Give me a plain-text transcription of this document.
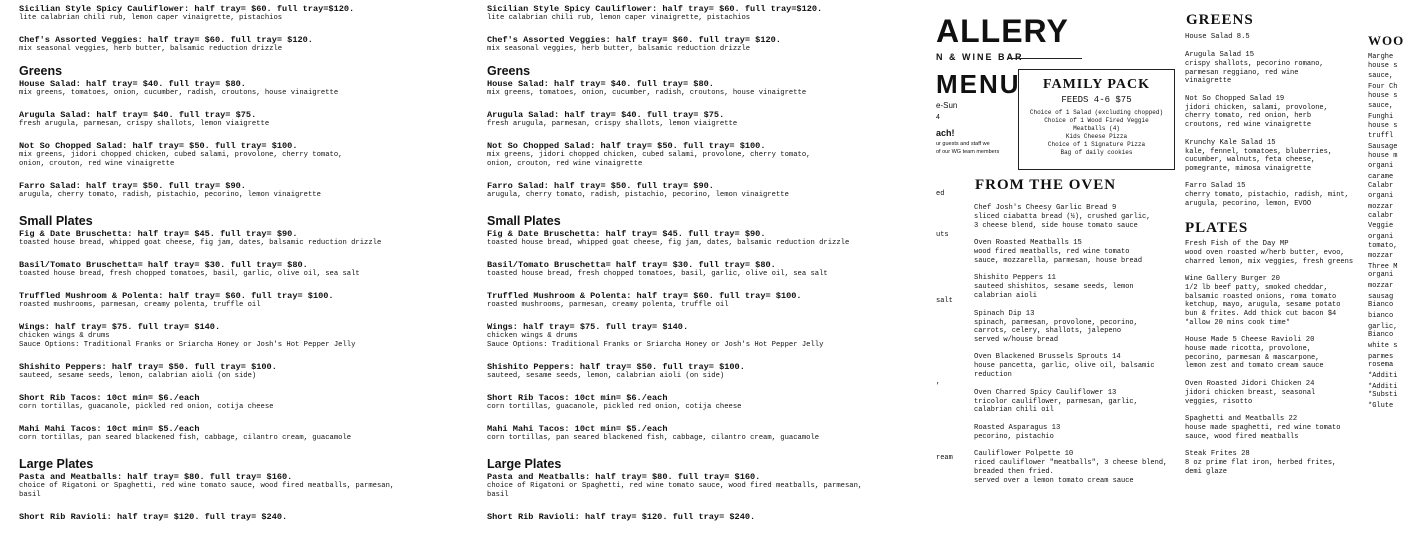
Sicilian Style Spicy Cauliflower: half tray= $60. full tray=$120.
lite calabrian chili rub, lemon caper vinaigrette, pistachios
Chef's Assorted Veggies: half tray= $60. full tray= $120.
mix seasonal veggies, herb butter, balsamic reduction drizzle
Greens
House Salad: half tray= $40. full tray= $80.
mix greens, tomatoes, onion, cucumber, radish, croutons, house vinaigrette
Arugula Salad: half tray= $40. full tray= $75.
fresh arugula, parmesan, crispy shallots, lemon viaigrette
Not So Chopped Salad: half tray= $50. full tray= $100.
mix greens, jidori chopped chicken, cubed salami, provolone, cherry tomato,
onion, crouton, red wine vinaigrette
Farro Salad: half tray= $50. full tray= $90.
arugula, cherry tomato, radish, pistachio, pecorino, lemon vinaigrette
Small Plates
Fig & Date Bruschetta: half tray= $45. full tray= $90.
toasted house bread, whipped goat cheese, fig jam, dates, balsamic reduction drizzle
Basil/Tomato Bruschetta= half tray= $30. full tray= $80.
toasted house bread, fresh chopped tomatoes, basil, garlic, olive oil, sea salt
Truffled Mushroom & Polenta: half tray= $60. full tray= $100.
roasted mushrooms, parmesan, creamy polenta, truffle oil
Wings: half tray= $75. full tray= $140.
chicken wings & drums
Sauce Options: Traditional Franks or Sriarcha Honey or Josh's Hot Pepper Jelly
Shishito Peppers: half tray= $50. full tray= $100.
sauteed, sesame seeds, lemon, calabrian aioli (on side)
Short Rib Tacos: 10ct min= $6./each
corn tortillas, guacanole, pickled red onion, cotija cheese
Mahi Mahi Tacos: 10ct min= $5./each
corn tortillas, pan seared blackened fish, cabbage, cilantro cream, guacamole
Large Plates
Pasta and Meatballs: half tray= $80. full tray= $160.
choice of Rigatoni or Spaghetti, red wine tomato sauce, wood fired meatballs, parmesan,
basil
Short Rib Ravioli: half tray= $120. full tray= $240.
Sicilian Style Spicy Cauliflower: half tray= $60. full tray=$120.
lite calabrian chili rub, lemon caper vinaigrette, pistachios
Chef's Assorted Veggies: half tray= $60. full tray= $120.
mix seasonal veggies, herb butter, balsamic reduction drizzle
Greens
House Salad: half tray= $40. full tray= $80.
mix greens, tomatoes, onion, cucumber, radish, croutons, house vinaigrette
Arugula Salad: half tray= $40. full tray= $75.
fresh arugula, parmesan, crispy shallots, lemon viaigrette
Not So Chopped Salad: half tray= $50. full tray= $100.
mix greens, jidori chopped chicken, cubed salami, provolone, cherry tomato,
onion, crouton, red wine vinaigrette
Farro Salad: half tray= $50. full tray= $90.
arugula, cherry tomato, radish, pistachio, pecorino, lemon vinaigrette
Small Plates
Fig & Date Bruschetta: half tray= $45. full tray= $90.
toasted house bread, whipped goat cheese, fig jam, dates, balsamic reduction drizzle
Basil/Tomato Bruschetta= half tray= $30. full tray= $80.
toasted house bread, fresh chopped tomatoes, basil, garlic, olive oil, sea salt
Truffled Mushroom & Polenta: half tray= $60. full tray= $100.
roasted mushrooms, parmesan, creamy polenta, truffle oil
Wings: half tray= $75. full tray= $140.
chicken wings & drums
Sauce Options: Traditional Franks or Sriarcha Honey or Josh's Hot Pepper Jelly
Shishito Peppers: half tray= $50. full tray= $100.
sauteed, sesame seeds, lemon, calabrian aioli (on side)
Short Rib Tacos: 10ct min= $6./each
corn tortillas, guacanole, pickled red onion, cotija cheese
Mahi Mahi Tacos: 10ct min= $5./each
corn tortillas, pan seared blackened fish, cabbage, cilantro cream, guacamole
Large Plates
Pasta and Meatballs: half tray= $80. full tray= $160.
choice of Rigatoni or Spaghetti, red wine tomato sauce, wood fired meatballs, parmesan,
basil
Short Rib Ravioli: half tray= $120. full tray= $240.
ALLERY
N & WINE BAR
MENU
e-Sun
4
ach!
ur guests and staff we
of our WG team members
FAMILY PACK
FEEDS 4-6 $75
Choice of 1 Salad (excluding chopped)
Choice of 1 Wood Fired Veggie
Meatballs (4)
Kids Cheese Pizza
Choice of 1 Signature Pizza
Bag of daily cookies
ed
uts
salt
,
ream
FROM THE OVEN
Chef Josh's Cheesy Garlic Bread 9
sliced ciabatta bread (½), crushed garlic,
3 cheese blend, side house tomato sauce
Oven Roasted Meatballs 15
wood fired meatballs, red wine tomato
sauce, mozzarella, parmesan, house bread
Shishito Peppers 11
sauteed shishitos, sesame seeds, lemon
calabrian aioli
Spinach Dip 13
spinach, parmesan, provolone, pecorino,
carrots, celery, shallots, jalepeno
served w/house bread
Oven Blackened Brussels Sprouts 14
house pancetta, garlic, olive oil, balsamic
reduction
Oven Charred Spicy Cauliflower 13
tricolor cauliflower, parmesan, garlic,
calabrian chili oil
Roasted Asparagus 13
pecorino, pistachio
Cauliflower Polpette 10
riced cauliflower "meatballs", 3 cheese blend,
breaded then fried.
served over a lemon tomato cream sauce
GREENS
House Salad 8.5
Arugula Salad 15
crispy shallots, pecorino romano,
parmesan reggiano, red wine
vinaigrette
Not So Chopped Salad 19
jidori chicken, salami, provolone,
cherry tomato, red onion, herb
croutons, red wine vinaigrette
Krunchy Kale Salad 15
kale, fennel, tomatoes, bluberries,
cucumber, walnuts, feta cheese,
pomegrante, mimosa vinaigrette
Farro Salad 15
cherry tomato, pistachio, radish, mint,
arugula, pecorino, lemon, EVOO
PLATES
Fresh Fish of the Day MP
wood oven roasted w/herb butter, evoo,
charred lemon, mix veggies, fresh greens
Wine Gallery Burger 20
1/2 lb beef patty, smoked cheddar,
balsamic roasted onions, roma tomato
ketchup, mayo, arugula, sesame potato
bun & frites. Add thick cut bacon $4
*allow 20 mins cook time*
House Made 5 Cheese Ravioli 20
house made ricotta, provolone,
pecorino, parmesan & mascarpone,
lemon zest and tomato cream sauce
Oven Roasted Jidori Chicken 24
jidori chicken breast, seasonal
veggies, risotto
Spaghetti and Meatballs 22
house made spaghetti, red wine tomato
sauce, wood fired meatballs
Steak Frites 28
8 oz prime flat iron, herbed frites,
demi glaze
WOO
Marghe
house s
sauce,
Four Ch
house s
sauce,
Funghi
house s
truffl
Sausage
house m
organi
carame
Calabr
organi
mozzar
calabr
Veggie
organi
tomato,
mozzar
Three M
organi
mozzar
sausag
Bianco
bianco
garlic,
Bianco
white s
parmes
rosema
*Additi
*Additi
*Substi
*Glute
